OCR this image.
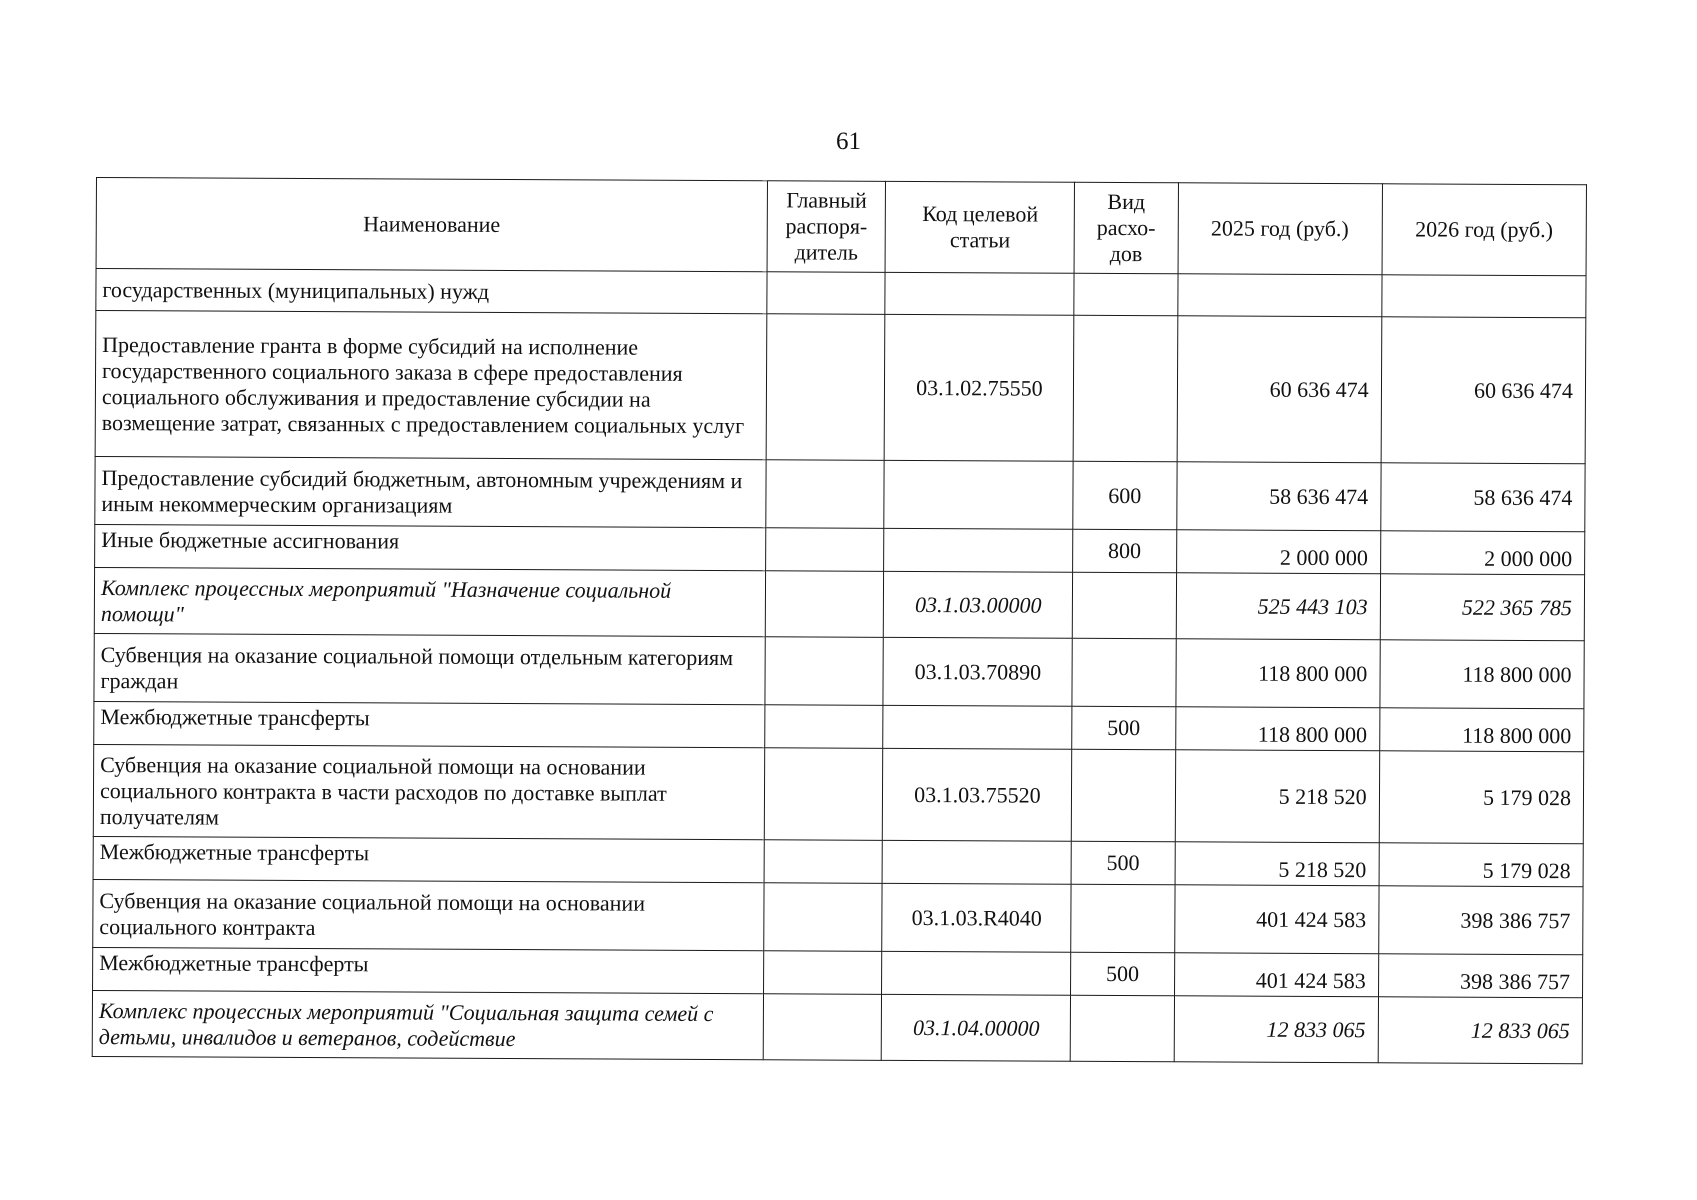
61
Наименование	Главный распоря-дитель	Код целевой статьи	Вид расхо-дов	2025 год (руб.)	2026 год (руб.)
государственных (муниципальных) нужд					
Предоставление гранта в форме субсидий на исполнение государственного социального заказа в сфере предоставления социального обслуживания и предоставление субсидии на возмещение затрат, связанных с предоставлением социальных услуг		03.1.02.75550		60 636 474	60 636 474
Предоставление субсидий бюджетным, автономным учреждениям и иным некоммерческим организациям			600	58 636 474	58 636 474
Иные бюджетные ассигнования			800	2 000 000	2 000 000
Комплекс процессных мероприятий "Назначение социальной помощи"		03.1.03.00000		525 443 103	522 365 785
Субвенция на оказание социальной помощи отдельным категориям граждан		03.1.03.70890		118 800 000	118 800 000
Межбюджетные трансферты			500	118 800 000	118 800 000
Субвенция на оказание социальной помощи на основании социального контракта в части расходов по доставке выплат получателям		03.1.03.75520		5 218 520	5 179 028
Межбюджетные трансферты			500	5 218 520	5 179 028
Субвенция на оказание социальной помощи на основании социального контракта		03.1.03.R4040		401 424 583	398 386 757
Межбюджетные трансферты			500	401 424 583	398 386 757
Комплекс процессных мероприятий "Социальная защита семей с детьми, инвалидов и ветеранов, содействие		03.1.04.00000		12 833 065	12 833 065
